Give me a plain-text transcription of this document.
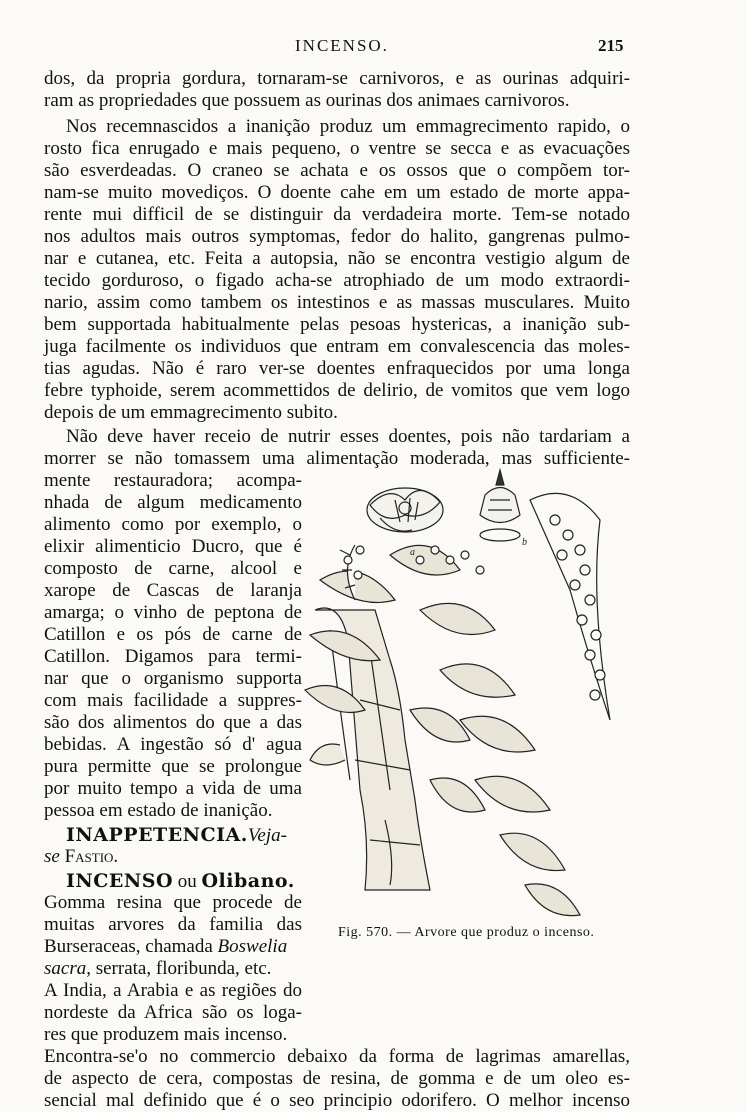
INCENSO.	215
dos, da propria gordura, tornaram-se carnivoros, e as ourinas adquiri-
ram as propriedades que possuem as ourinas dos animaes carnivoros.
Nos recemnascidos a inanição produz um emmagrecimento rapido, o
rosto fica enrugado e mais pequeno, o ventre se secca e as evacuações
são esverdeadas. O craneo se achata e os ossos que o compõem tor-
nam-se muito movediços. O doente cahe em um estado de morte appa-
rente mui difficil de se distinguir da verdadeira morte. Tem-se notado
nos adultos mais outros symptomas, fedor do halito, gangrenas pulmo-
nar e cutanea, etc. Feita a autopsia, não se encontra vestigio algum de
tecido gorduroso, o figado acha-se atrophiado de um modo extraordi-
nario, assim como tambem os intestinos e as massas musculares. Muito
bem supportada habitualmente pelas pesoas hystericas, a inanição sub-
juga facilmente os individuos que entram em convalescencia das moles-
tias agudas. Não é raro ver-se doentes enfraquecidos por uma longa
febre typhoide, serem acommettidos de delirio, de vomitos que vem logo
depois de um emmagrecimento subito.
Não deve haver receio de nutrir esses doentes, pois não tardariam a
morrer se não tomassem uma alimentação moderada, mas sufficiente-
mente restauradora; acompa-
nhada de algum medicamento
alimento como por exemplo, o
elixir alimenticio Ducro, que é
composto de carne, alcool e
xarope de Cascas de laranja
amarga; o vinho de peptona de
Catillon e os pós de carne de
Catillon. Digamos para termi-
nar que o organismo supporta
com mais facilidade a suppres-
são dos alimentos do que a das
bebidas. A ingestão só d' agua
pura permitte que se prolongue
por muito tempo a vida de uma
pessoa em estado de inanição.
INAPPETENCIA.Veja-
se Fastio.
INCENSO ou Olibano.
Gomma resina que procede de
muitas arvores da familia das
Burseraceas, chamada Boswelia
sacra, serrata, floribunda, etc.
A India, a Arabia e as regiões do
nordeste da Africa são os loga-
res que produzem mais incenso.
Encontra-se'o no commercio debaixo da forma de lagrimas amarellas,
de aspecto de cera, compostas de resina, de gomma e de um oleo es-
sencial mal definido que é o seo principio odorifero. O melhor incenso
a
b
Fig. 570. — Arvore que produz o incenso.
